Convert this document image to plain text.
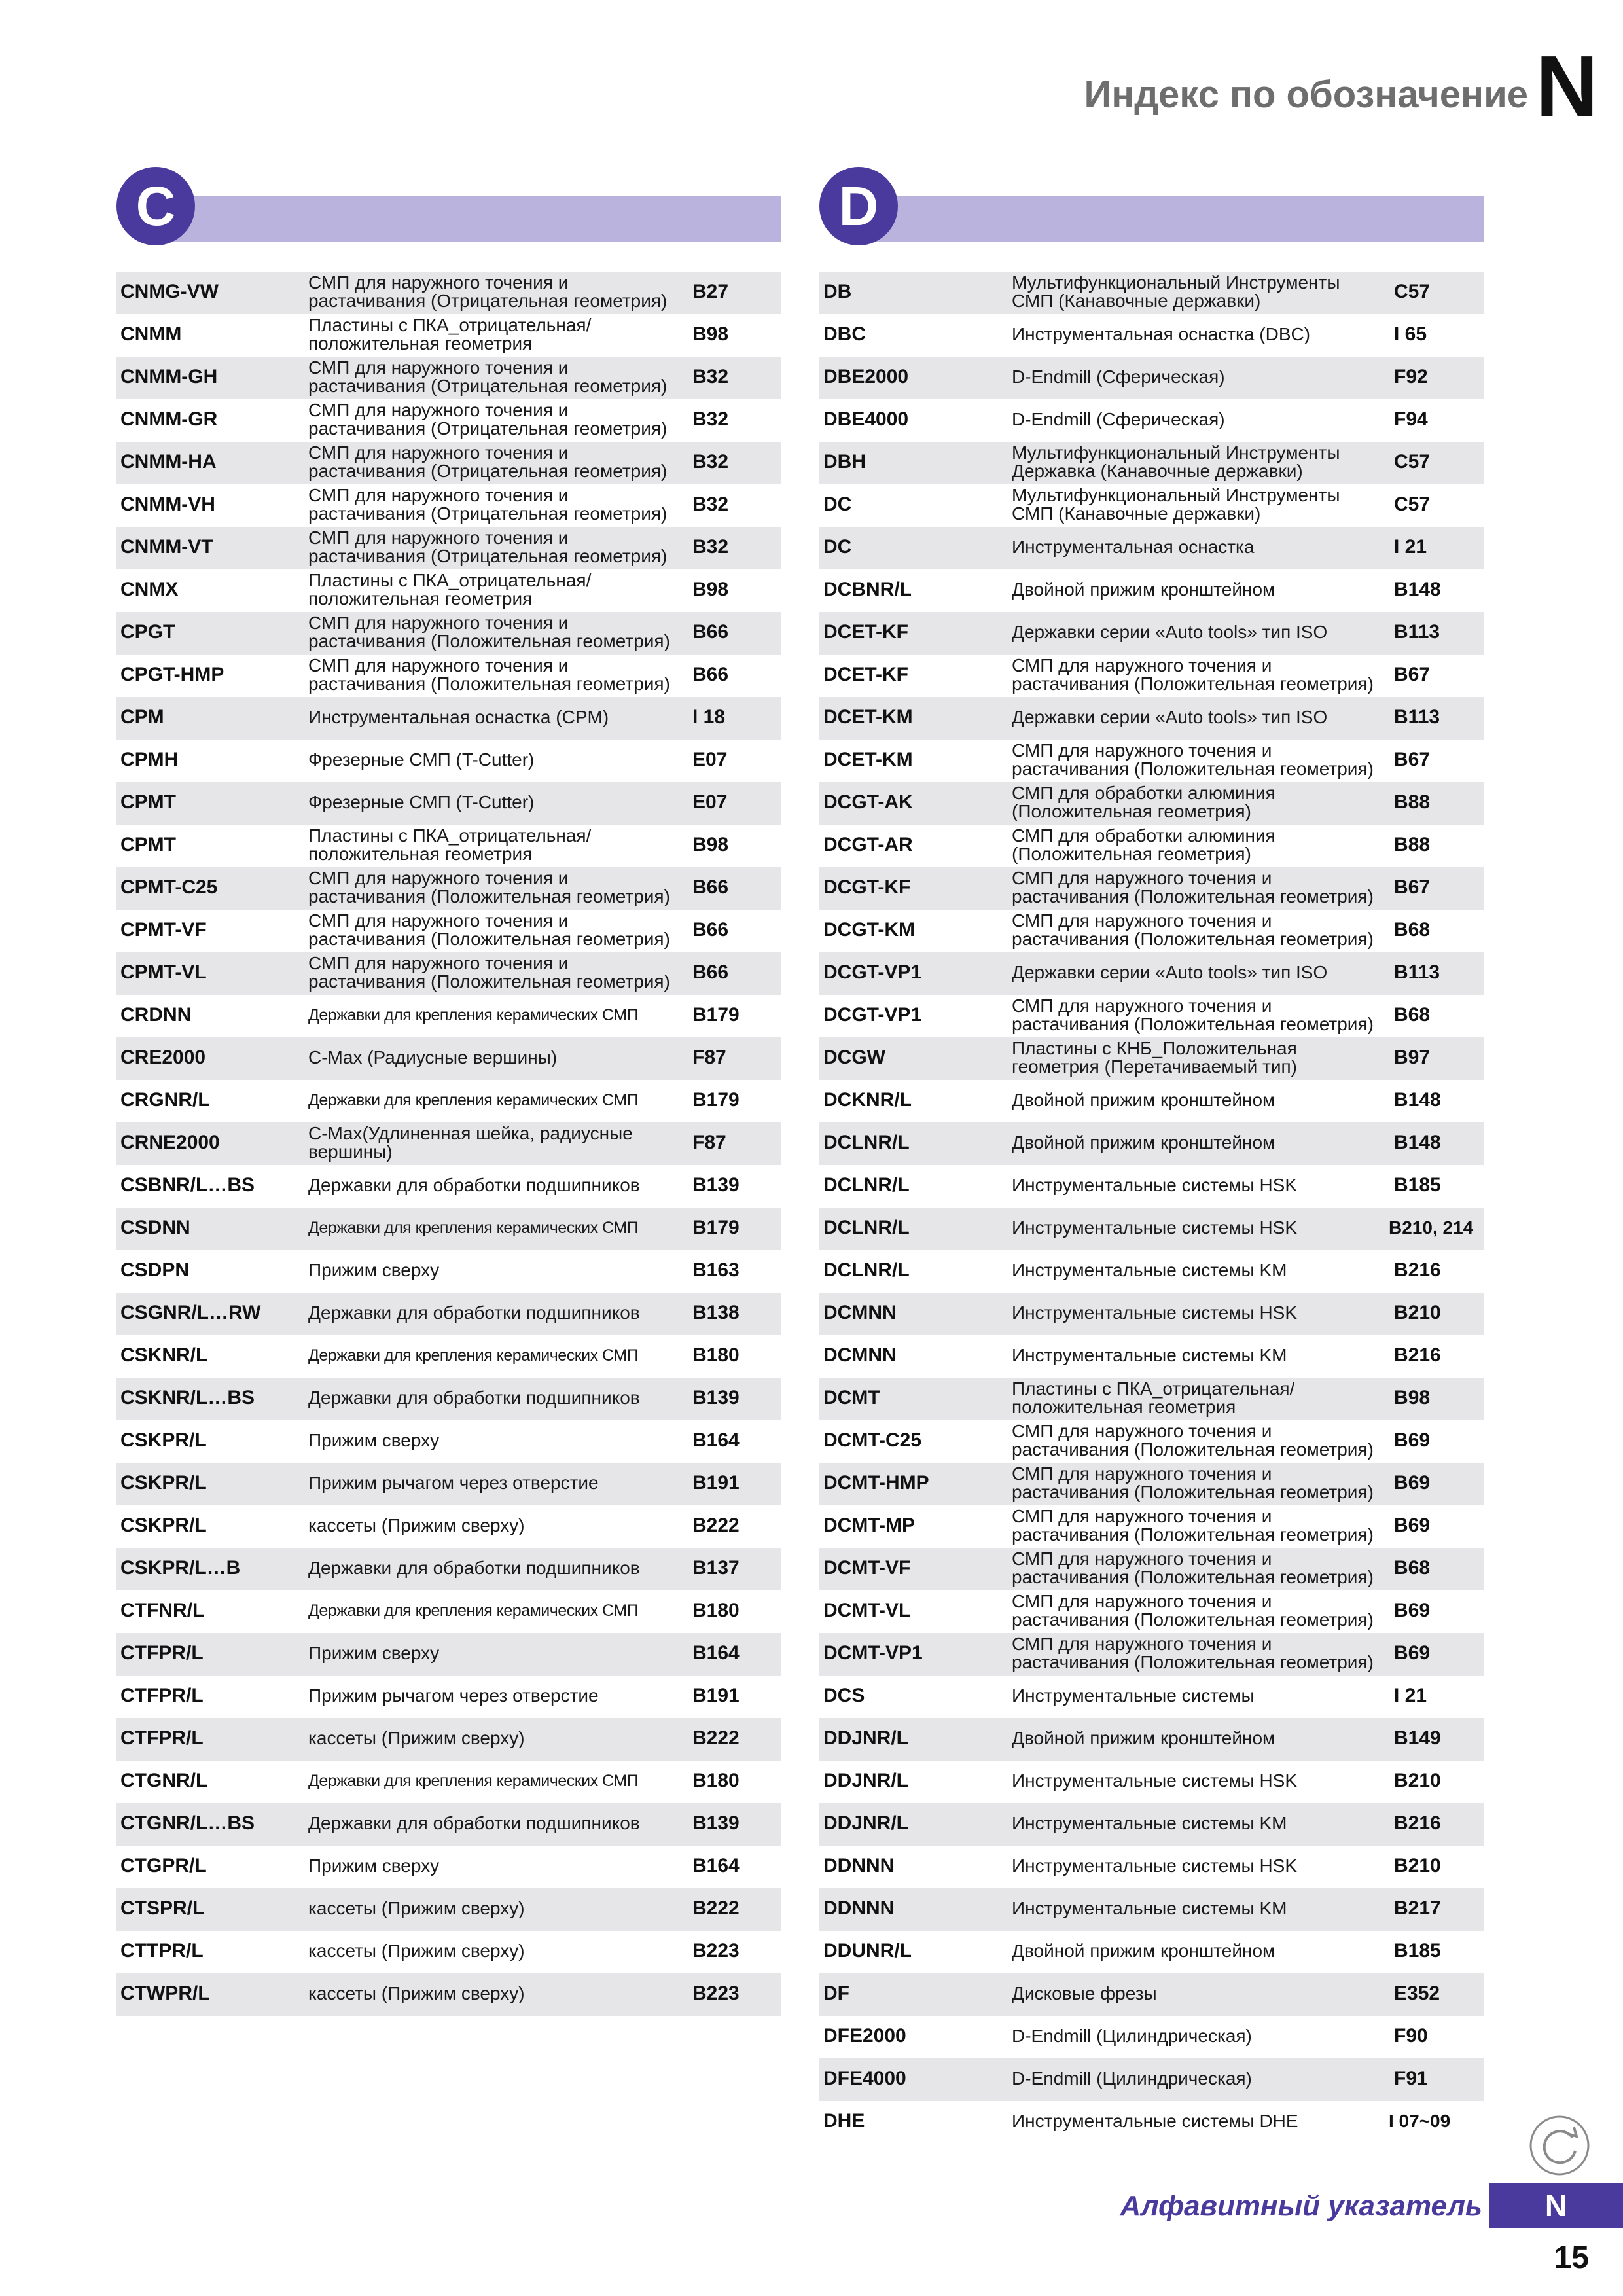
Индекс по обозначение N
C	D
CNMG-VW	СМП для наружного точения и
растачивания (Отрицательная геометрия) B27
CNMM	Пластины с ПКА_отрицательная/
положительная геометрия	B98
CNMM-GH	СМП для наружного точения и
растачивания (Отрицательная геометрия) B32
CNMM-GR	СМП для наружного точения и
растачивания (Отрицательная геометрия) B32
CNMM-HA	СМП для наружного точения и
растачивания (Отрицательная геометрия) B32
CNMM-VH	СМП для наружного точения и
растачивания (Отрицательная геометрия) B32
CNMM-VT	СМП для наружного точения и
растачивания (Отрицательная геометрия) B32
CNMX	Пластины с ПКА_отрицательная/
положительная геометрия	B98
CPGT	СМП для наружного точения и
растачивания (Положительная геометрия) B66
CPGT-HMP	СМП для наружного точения и
растачивания (Положительная геометрия) B66
CPM	Инструментальная оснастка (CPM)	I 18
CPMH	Фрезерные СМП (T-Cutter)	E07
CPMT	Фрезерные СМП (T-Cutter)	E07
CPMT	Пластины с ПКА_отрицательная/
положительная геометрия	B98
CPMT-C25	СМП для наружного точения и
растачивания (Положительная геометрия) B66
CPMT-VF	СМП для наружного точения и
растачивания (Положительная геометрия) B66
CPMT-VL	СМП для наружного точения и
растачивания (Положительная геометрия) B66
CRDNN	Державки для крепления керамических СМП	B179
CRE2000	C-Max (Радиусные вершины)	F87
CRGNR/L	Державки для крепления керамических СМП	B179
CRNE2000	C-Max(Удлиненная шейка, радиусные
вершины)	F87
CSBNR/L…BS	Державки для обработки подшипников	B139
CSDNN	Державки для крепления керамических СМП	B179
CSDPN	Прижим сверху	B163
CSGNR/L…RW	Державки для обработки подшипников	B138
CSKNR/L	Державки для крепления керамических СМП	B180
CSKNR/L…BS	Державки для обработки подшипников	B139
CSKPR/L	Прижим сверху	B164
CSKPR/L	Прижим рычагом через отверстие	B191
CSKPR/L	кассеты (Прижим сверху)	B222
CSKPR/L…B	Державки для обработки подшипников	B137
CTFNR/L	Державки для крепления керамических СМП	B180
CTFPR/L	Прижим сверху	B164
CTFPR/L	Прижим рычагом через отверстие	B191
CTFPR/L	кассеты (Прижим сверху)	B222
CTGNR/L	Державки для крепления керамических СМП	B180
CTGNR/L…BS	Державки для обработки подшипников	B139
CTGPR/L	Прижим сверху	B164
CTSPR/L	кассеты (Прижим сверху)	B222
CTTPR/L	кассеты (Прижим сверху)	B223
CTWPR/L	кассеты (Прижим сверху)	B223
DB	Мультифункциональный Инструменты
СМП (Канавочные державки)	C57
DBC	Инструментальная оснастка (DBC)	I 65
DBE2000	D-Endmill (Сферическая)	F92
DBE4000	D-Endmill (Сферическая)	F94
DBH	Мультифункциональный Инструменты
Державка (Канавочные державки)	C57
DC	Мультифункциональный Инструменты
СМП (Канавочные державки)	C57
DC	Инструментальная оснастка	I 21
DCBNR/L	Двойной прижим кронштейном	B148
DCET-KF	Державки серии «Auto tools» тип ISO	B113
DCET-KF	СМП для наружного точения и
растачивания (Положительная геометрия) B67
DCET-KM	Державки серии «Auto tools» тип ISO	B113
DCET-KM	СМП для наружного точения и
растачивания (Положительная геометрия) B67
DCGT-AK	СМП для обработки алюминия
(Положительная геометрия)	B88
DCGT-AR	СМП для обработки алюминия
(Положительная геометрия)	B88
DCGT-KF	СМП для наружного точения и
растачивания (Положительная геометрия) B67
DCGT-KM	СМП для наружного точения и
растачивания (Положительная геометрия) B68
DCGT-VP1	Державки серии «Auto tools» тип ISO	B113
DCGT-VP1	СМП для наружного точения и
растачивания (Положительная геометрия) B68
DCGW	Пластины с КНБ_Положительная
геометрия (Перетачиваемый тип)	B97
DCKNR/L	Двойной прижим кронштейном	B148
DCLNR/L	Двойной прижим кронштейном	B148
DCLNR/L	Инструментальные системы HSK	B185
DCLNR/L	Инструментальные системы HSK	B210, 214
DCLNR/L	Инструментальные системы KM	B216
DCMNN	Инструментальные системы HSK	B210
DCMNN	Инструментальные системы KM	B216
DCMT	Пластины с ПКА_отрицательная/
положительная геометрия	B98
DCMT-C25	СМП для наружного точения и
растачивания (Положительная геометрия) B69
DCMT-HMP	СМП для наружного точения и
растачивания (Положительная геометрия) B69
DCMT-MP	СМП для наружного точения и
растачивания (Положительная геометрия) B69
DCMT-VF	СМП для наружного точения и
растачивания (Положительная геометрия) B68
DCMT-VL	СМП для наружного точения и
растачивания (Положительная геометрия) B69
DCMT-VP1	СМП для наружного точения и
растачивания (Положительная геометрия) B69
DCS	Инструментальные системы	I 21
DDJNR/L	Двойной прижим кронштейном	B149
DDJNR/L	Инструментальные системы HSK	B210
DDJNR/L	Инструментальные системы KM	B216
DDNNN	Инструментальные системы HSK	B210
DDNNN	Инструментальные системы KM	B217
DDUNR/L	Двойной прижим кронштейном	B185
DF	Дисковые фрезы	E352
DFE2000	D-Endmill (Цилиндрическая)	F90
DFE4000	D-Endmill (Цилиндрическая)	F91
DHE	Инструментальные системы DHE	I 07~09
Алфавитный указатель	N
15
